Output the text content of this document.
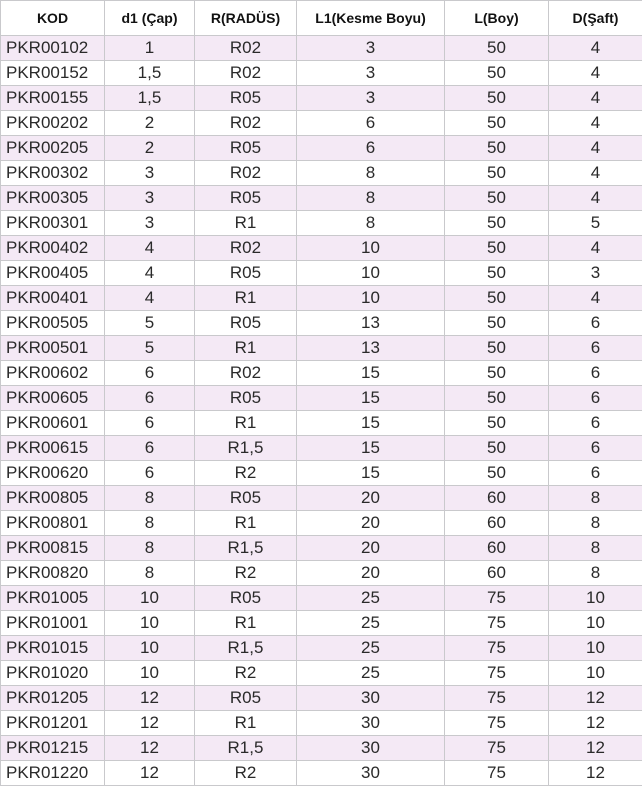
KOD	d1 (Çap)	R(RADÜS)	L1(Kesme Boyu)	L(Boy)	D(Şaft)
PKR00102	1	R02	3	50	4
PKR00152	1,5	R02	3	50	4
PKR00155	1,5	R05	3	50	4
PKR00202	2	R02	6	50	4
PKR00205	2	R05	6	50	4
PKR00302	3	R02	8	50	4
PKR00305	3	R05	8	50	4
PKR00301	3	R1	8	50	5
PKR00402	4	R02	10	50	4
PKR00405	4	R05	10	50	3
PKR00401	4	R1	10	50	4
PKR00505	5	R05	13	50	6
PKR00501	5	R1	13	50	6
PKR00602	6	R02	15	50	6
PKR00605	6	R05	15	50	6
PKR00601	6	R1	15	50	6
PKR00615	6	R1,5	15	50	6
PKR00620	6	R2	15	50	6
PKR00805	8	R05	20	60	8
PKR00801	8	R1	20	60	8
PKR00815	8	R1,5	20	60	8
PKR00820	8	R2	20	60	8
PKR01005	10	R05	25	75	10
PKR01001	10	R1	25	75	10
PKR01015	10	R1,5	25	75	10
PKR01020	10	R2	25	75	10
PKR01205	12	R05	30	75	12
PKR01201	12	R1	30	75	12
PKR01215	12	R1,5	30	75	12
PKR01220	12	R2	30	75	12
